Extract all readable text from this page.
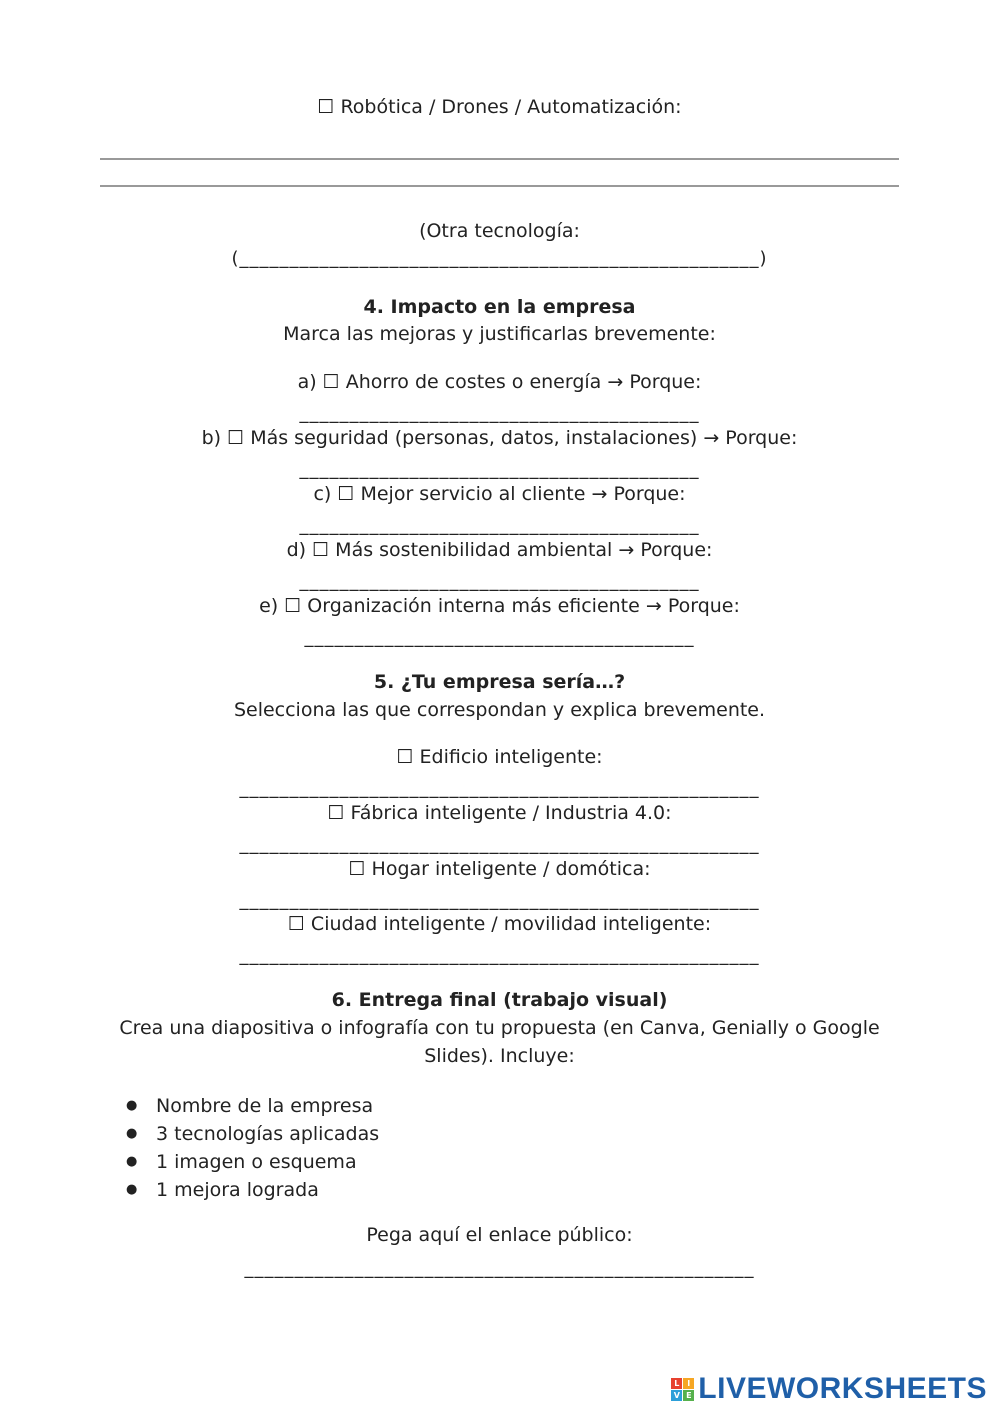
☐ Robótica / Drones / Automatización:
(Otra tecnología:
(____________________________________________________)
4. Impacto en la empresa
Marca las mejoras y justificarlas brevemente:
a) ☐ Ahorro de costes o energía → Porque:
________________________________________
b) ☐ Más seguridad (personas, datos, instalaciones) → Porque:
________________________________________
c) ☐ Mejor servicio al cliente → Porque:
________________________________________
d) ☐ Más sostenibilidad ambiental → Porque:
________________________________________
e) ☐ Organización interna más eficiente → Porque:
_______________________________________
5. ¿Tu empresa sería…?
Selecciona las que correspondan y explica brevemente.
☐ Edificio inteligente:
____________________________________________________
☐ Fábrica inteligente / Industria 4.0:
____________________________________________________
☐ Hogar inteligente / domótica:
____________________________________________________
☐ Ciudad inteligente / movilidad inteligente:
____________________________________________________
6. Entrega final (trabajo visual)
Crea una diapositiva o infografía con tu propuesta (en Canva, Genially o Google
Slides). Incluye:
● Nombre de la empresa
● 3 tecnologías aplicadas
● 1 imagen o esquema
● 1 mejora lograda
Pega aquí el enlace público:
___________________________________________________
L I
V E LIVEWORKSHEETS
